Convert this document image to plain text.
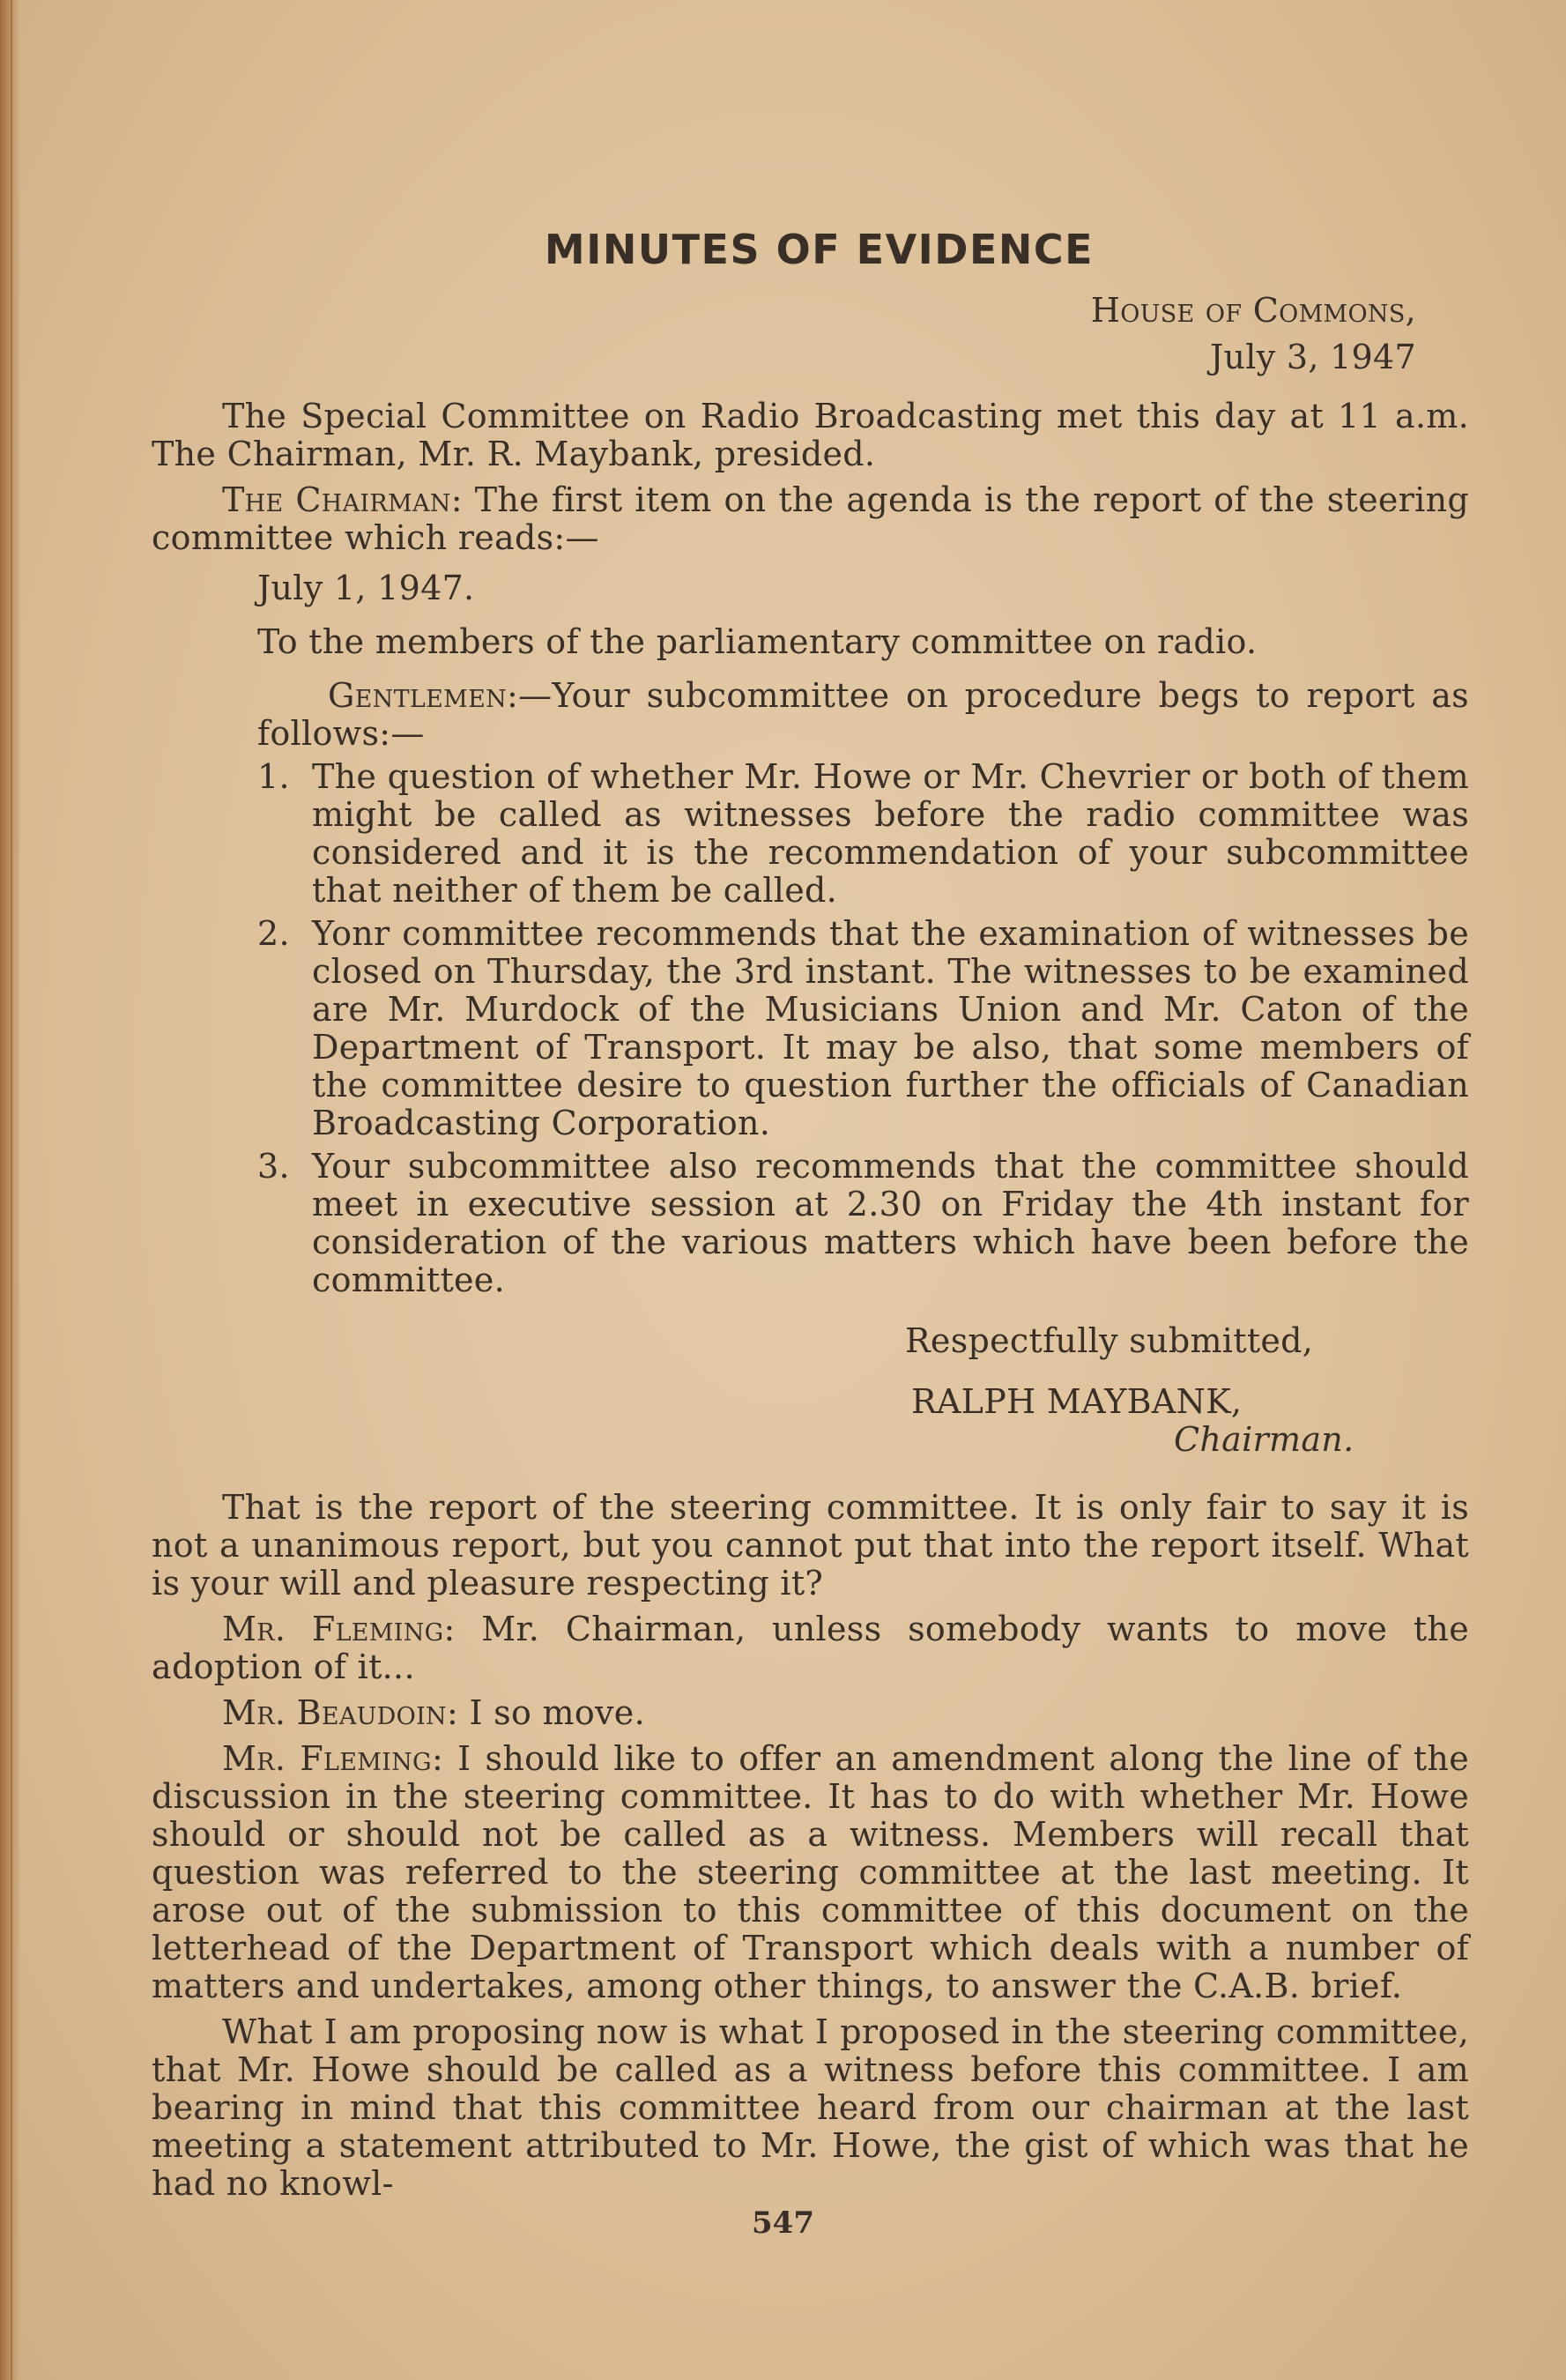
MINUTES OF EVIDENCE

House of Commons,

July 3, 1947

The Special Committee on Radio Broadcasting met this day at 11 a.m. The Chairman, Mr. R. Maybank, presided.

The Chairman: The first item on the agenda is the report of the steering committee which reads:—

July 1, 1947.

To the members of the parliamentary committee on radio.

Gentlemen:—Your subcommittee on procedure begs to report as follows:—

1. The question of whether Mr. Howe or Mr. Chevrier or both of them might be called as witnesses before the radio committee was considered and it is the recommendation of your subcommittee that neither of them be called.
2. Yonr committee recommends that the examination of witnesses be closed on Thursday, the 3rd instant. The witnesses to be examined are Mr. Murdock of the Musicians Union and Mr. Caton of the Department of Transport. It may be also, that some members of the committee desire to question further the officials of Canadian Broadcasting Corporation.
3. Your subcommittee also recommends that the committee should meet in executive session at 2.30 on Friday the 4th instant for consideration of the various matters which have been before the committee.

Respectfully submitted,

RALPH MAYBANK,

Chairman.

That is the report of the steering committee. It is only fair to say it is not a unanimous report, but you cannot put that into the report itself. What is your will and pleasure respecting it?

Mr. Fleming: Mr. Chairman, unless somebody wants to move the adoption of it...

Mr. Beaudoin: I so move.

Mr. Fleming: I should like to offer an amendment along the line of the discussion in the steering committee. It has to do with whether Mr. Howe should or should not be called as a witness. Members will recall that question was referred to the steering committee at the last meeting. It arose out of the submission to this committee of this document on the letterhead of the Department of Transport which deals with a number of matters and undertakes, among other things, to answer the C.A.B. brief.

What I am proposing now is what I proposed in the steering committee, that Mr. Howe should be called as a witness before this committee. I am bearing in mind that this committee heard from our chairman at the last meeting a statement attributed to Mr. Howe, the gist of which was that he had no knowl-

547
